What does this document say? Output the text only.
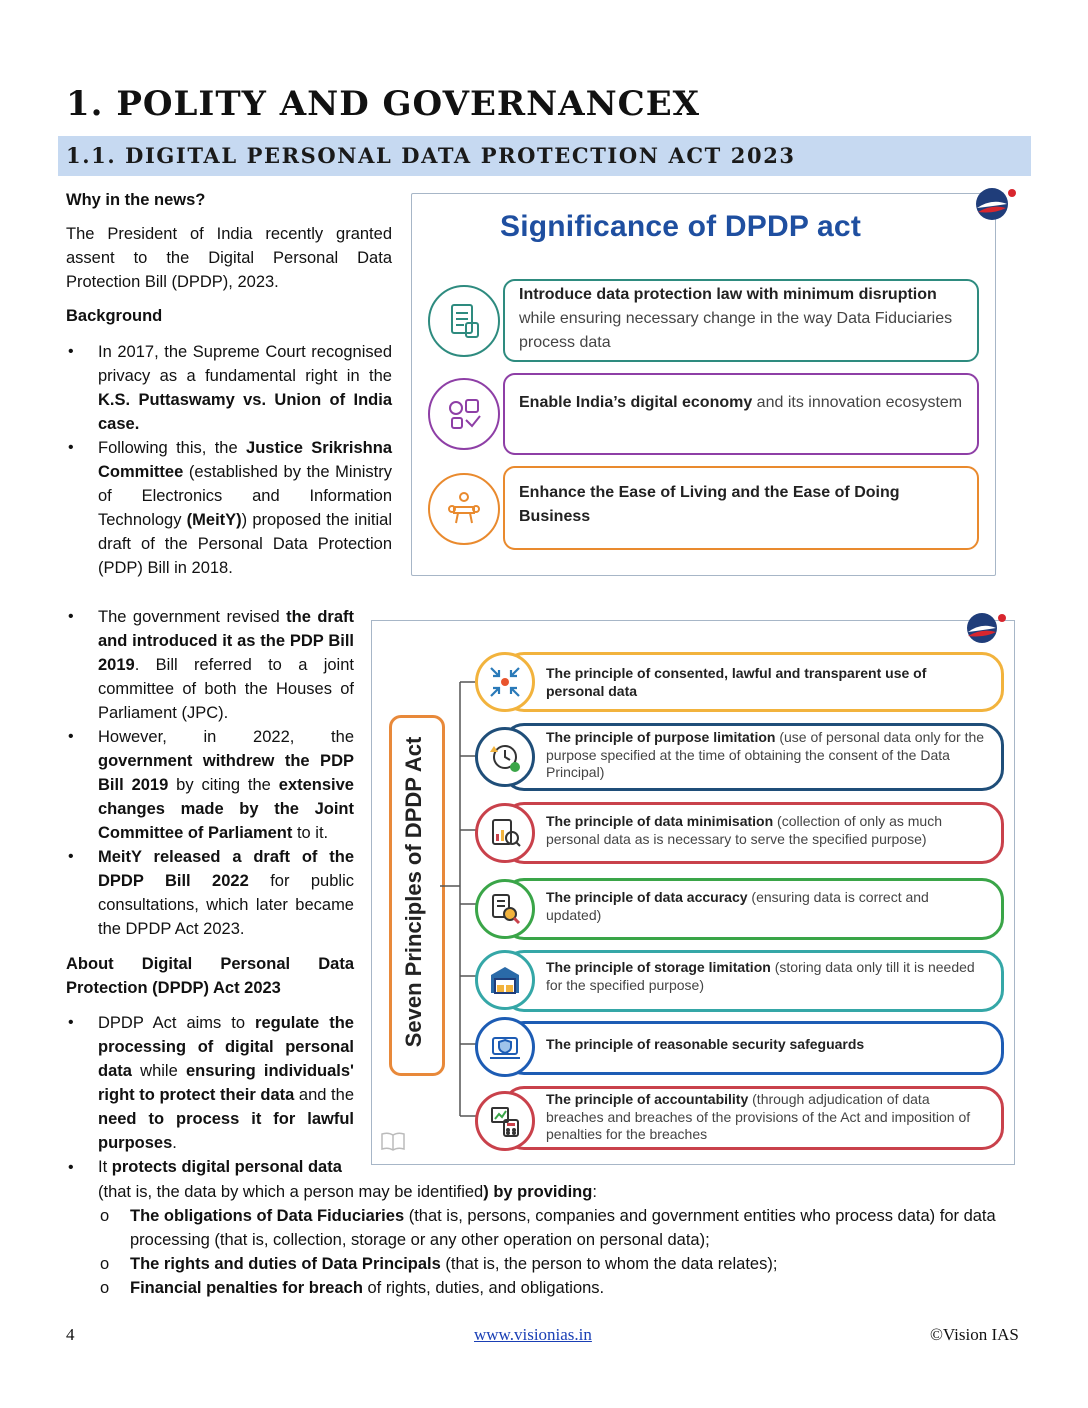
1. POLITY AND GOVERNANCEX
1.1. DIGITAL PERSONAL DATA PROTECTION ACT 2023
Why in the news?
The President of India recently granted assent to the Digital Personal Data Protection Bill (DPDP), 2023.
Background
• In 2017, the Supreme Court recognised privacy as a fundamental right in the K.S. Puttaswamy vs. Union of India case.
• Following this, the Justice Srikrishna Committee (established by the Ministry of Electronics and Information Technology (MeitY)) proposed the initial draft of the Personal Data Protection (PDP) Bill in 2018.
• The government revised the draft and introduced it as the PDP Bill 2019. Bill referred to a joint committee of both the Houses of Parliament (JPC).
• However, in 2022, the government withdrew the PDP Bill 2019 by citing the extensive changes made by the Joint Committee of Parliament to it.
• MeitY released a draft of the DPDP Bill 2022 for public consultations, which later became the DPDP Act 2023.
About Digital Personal Data Protection (DPDP) Act 2023
• DPDP Act aims to regulate the processing of digital personal data while ensuring individuals' right to protect their data and the need to process it for lawful purposes.
• It protects digital personal data
(that is, the data by which a person may be identified) by providing:
o The obligations of Data Fiduciaries (that is, persons, companies and government entities who process data) for data processing (that is, collection, storage or any other operation on personal data);
o The rights and duties of Data Principals (that is, the person to whom the data relates);
o Financial penalties for breach of rights, duties, and obligations.
Significance of DPDP act
Introduce data protection law with minimum disruption while ensuring necessary change in the way Data Fiduciaries process data
Enable India’s digital economy and its innovation ecosystem
Enhance the Ease of Living and the Ease of Doing Business
Seven Principles of DPDP Act
The principle of consented, lawful and transparent use of personal data
The principle of purpose limitation (use of personal data only for the purpose specified at the time of obtaining the consent of the Data Principal)
The principle of data minimisation (collection of only as much personal data as is necessary to serve the specified purpose)
The principle of data accuracy (ensuring data is correct and updated)
The principle of storage limitation (storing data only till it is needed for the specified purpose)
The principle of reasonable security safeguards
The principle of accountability (through adjudication of data breaches and breaches of the provisions of the Act and imposition of penalties for the breaches
4	www.visionias.in	©Vision IAS
